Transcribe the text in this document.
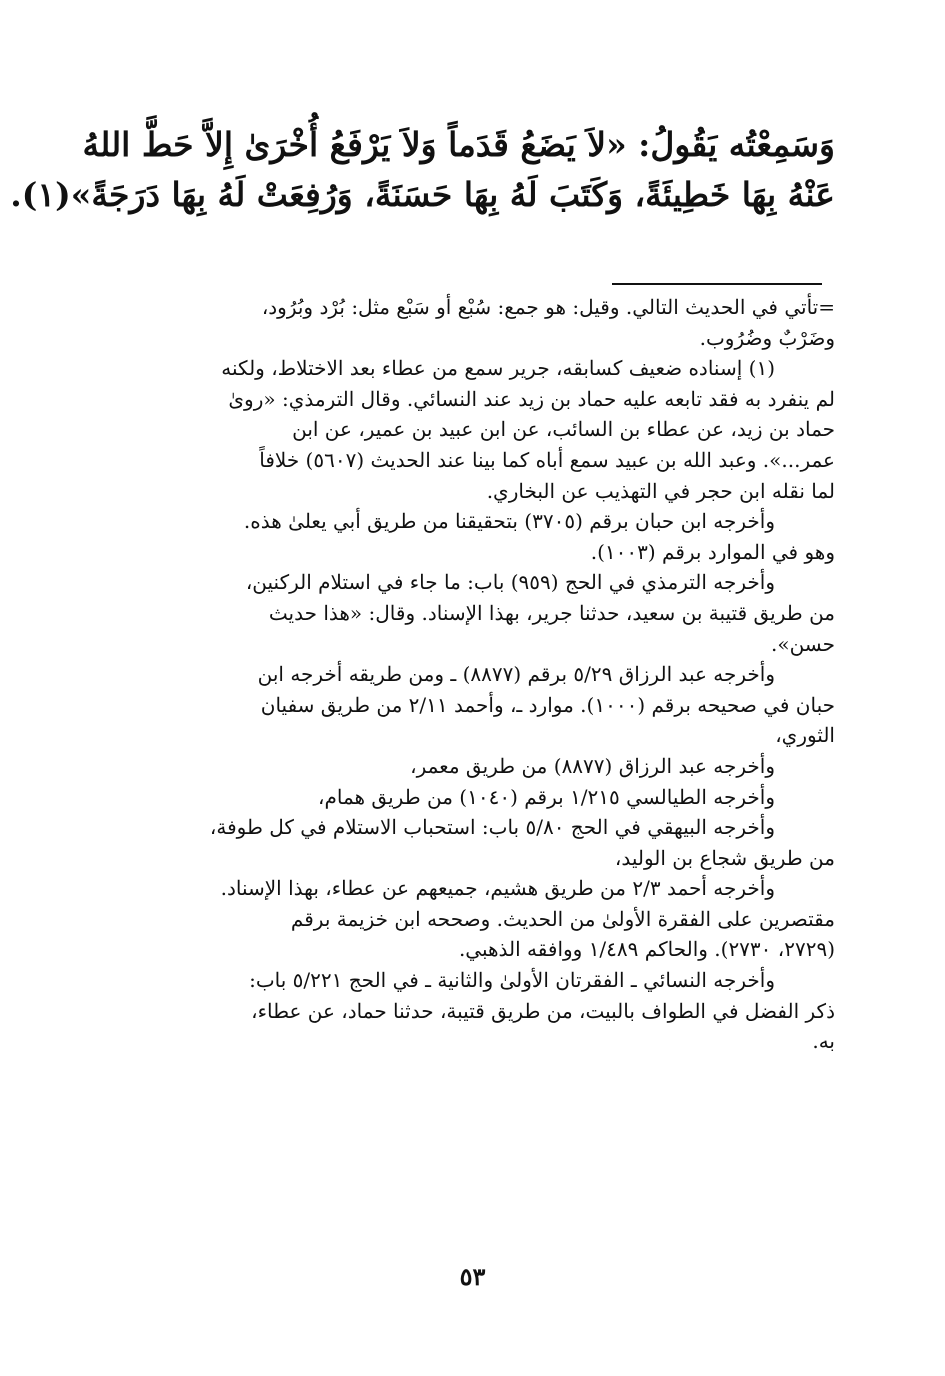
وَسَمِعْتُه يَقُولُ: «لاَ يَضَعُ قَدَماً وَلاَ يَرْفَعُ أُخْرَىٰ إِلاَّ حَطَّ اللهُ

عَنْهُ بِهَا خَطِيئَةً، وَكَتَبَ لَهُ بِهَا حَسَنَةً، وَرُفِعَتْ لَهُ بِهَا دَرَجَةً»(١).

=تأتي في الحديث التالي. وقيل: هو جمع: سُبْع أو سَبْع مثل: بُرْد وبُرُود،

وضَرْبٌ وضُرُوب.

(١) إسناده ضعيف كسابقه، جرير سمع من عطاء بعد الاختلاط، ولكنه

لم ينفرد به فقد تابعه عليه حماد بن زيد عند النسائي. وقال الترمذي: «روىٰ

حماد بن زيد، عن عطاء بن السائب، عن ابن عبيد بن عمير، عن ابن

عمر...». وعبد الله بن عبيد سمع أباه كما بينا عند الحديث (٥٦٠٧) خلافاً

لما نقله ابن حجر في التهذيب عن البخاري.

وأخرجه ابن حبان برقم (٣٧٠٥) بتحقيقنا من طريق أبي يعلىٰ هذه.

وهو في الموارد برقم (١٠٠٣).

وأخرجه الترمذي في الحج (٩٥٩) باب: ما جاء في استلام الركنين،

من طريق قتيبة بن سعيد، حدثنا جرير، بهذا الإسناد. وقال: «هذا حديث

حسن».

وأخرجه عبد الرزاق ٥/٢٩ برقم (٨٨٧٧) ـ ومن طريقه أخرجه ابن

حبان في صحيحه برقم (١٠٠٠). موارد ـ، وأحمد ٢/١١ من طريق سفيان

الثوري،

وأخرجه عبد الرزاق (٨٨٧٧) من طريق معمر،

وأخرجه الطيالسي ١/٢١٥ برقم (١٠٤٠) من طريق همام،

وأخرجه البيهقي في الحج ٥/٨٠ باب: استحباب الاستلام في كل طوفة،

من طريق شجاع بن الوليد،

وأخرجه أحمد ٢/٣ من طريق هشيم، جميعهم عن عطاء، بهذا الإسناد.

مقتصرين على الفقرة الأولىٰ من الحديث. وصححه ابن خزيمة برقم

(٢٧٢٩، ٢٧٣٠). والحاكم ١/٤٨٩ ووافقه الذهبي.

وأخرجه النسائي ـ الفقرتان الأولىٰ والثانية ـ في الحج ٥/٢٢١ باب:

ذكر الفضل في الطواف بالبيت، من طريق قتيبة، حدثنا حماد، عن عطاء،

به.

٥٣
